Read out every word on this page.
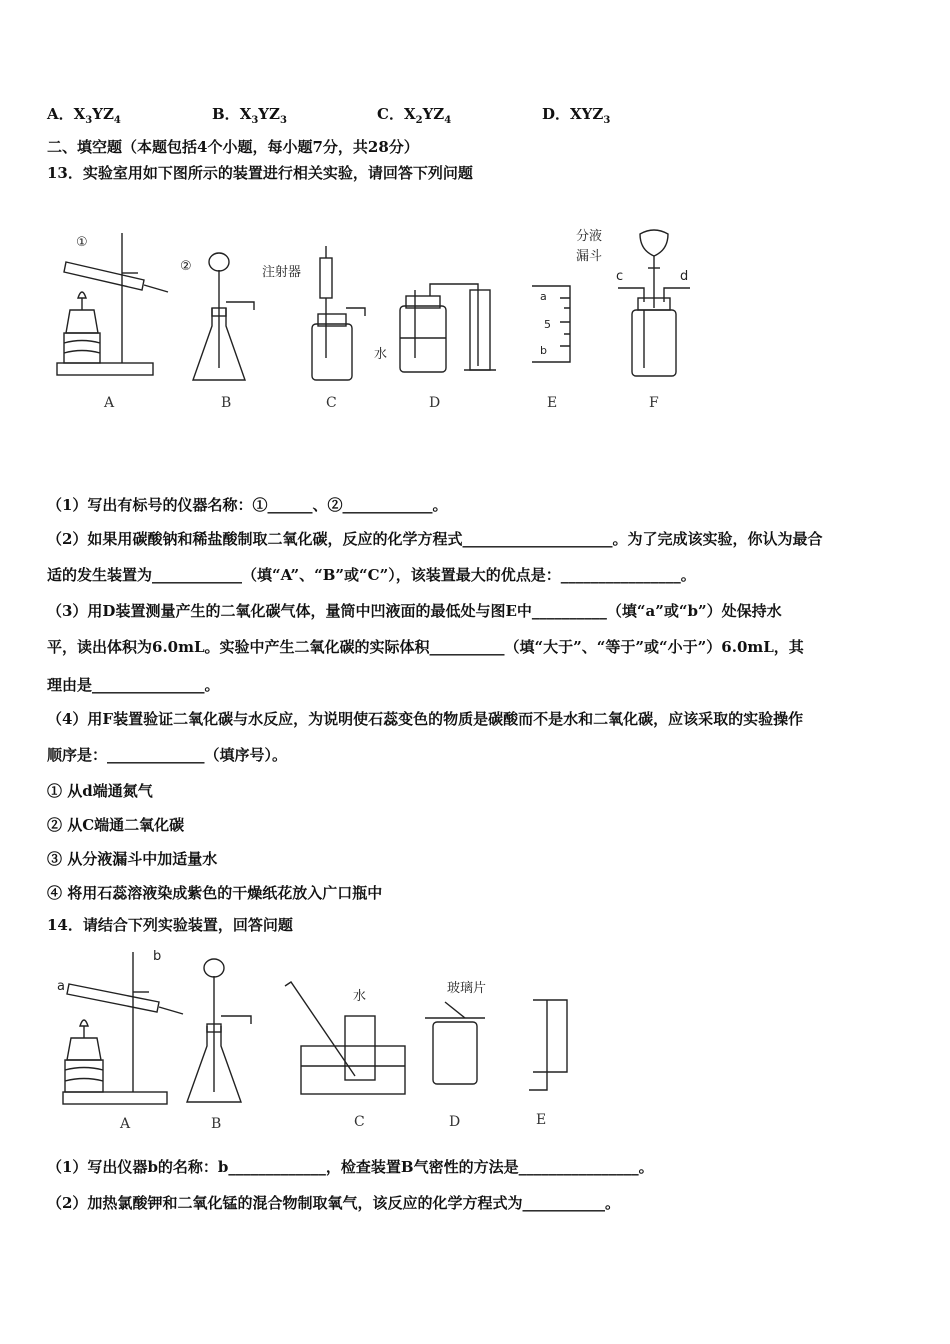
A．$X_3YZ_4$	B．$X_3YZ_3$	C．$X_2YZ_4$	D．$XYZ_3$
二、填空题（本题包括4个小题，每小题7分，共28分）
13．实验室用如下图所示的装置进行相关实验，请回答下列问题
①
②	注射器
水
a
5
b
分液
漏斗
c	d
A	B	C	D	E	F
（1）写出有标号的仪器名称：①______、②____________。
（2）如果用碳酸钠和稀盐酸制取二氧化碳，反应的化学方程式____________________。为了完成该实验，你认为最合
适的发生装置为____________（填“A”、“B”或“C”），该装置最大的优点是：________________。
（3）用D装置测量产生的二氧化碳气体，量筒中凹液面的最低处与图E中__________（填“a”或“b”）处保持水
平，读出体积为6.0mL。实验中产生二氧化碳的实际体积__________（填“大于”、“等于”或“小于”）6.0mL，其
理由是_______________。
（4）用F装置验证二氧化碳与水反应，为说明使石蕊变色的物质是碳酸而不是水和二氧化碳，应该采取的实验操作
顺序是：_____________（填序号）。
① 从d端通氮气
② 从C端通二氧化碳
③ 从分液漏斗中加适量水
④ 将用石蕊溶液染成紫色的干燥纸花放入广口瓶中
14．请结合下列实验装置，回答问题
a
b
水
玻璃片
A	B	C	D	E
（1）写出仪器b的名称：b_____________，检查装置B气密性的方法是________________。
（2）加热氯酸钾和二氧化锰的混合物制取氧气，该反应的化学方程式为___________。
